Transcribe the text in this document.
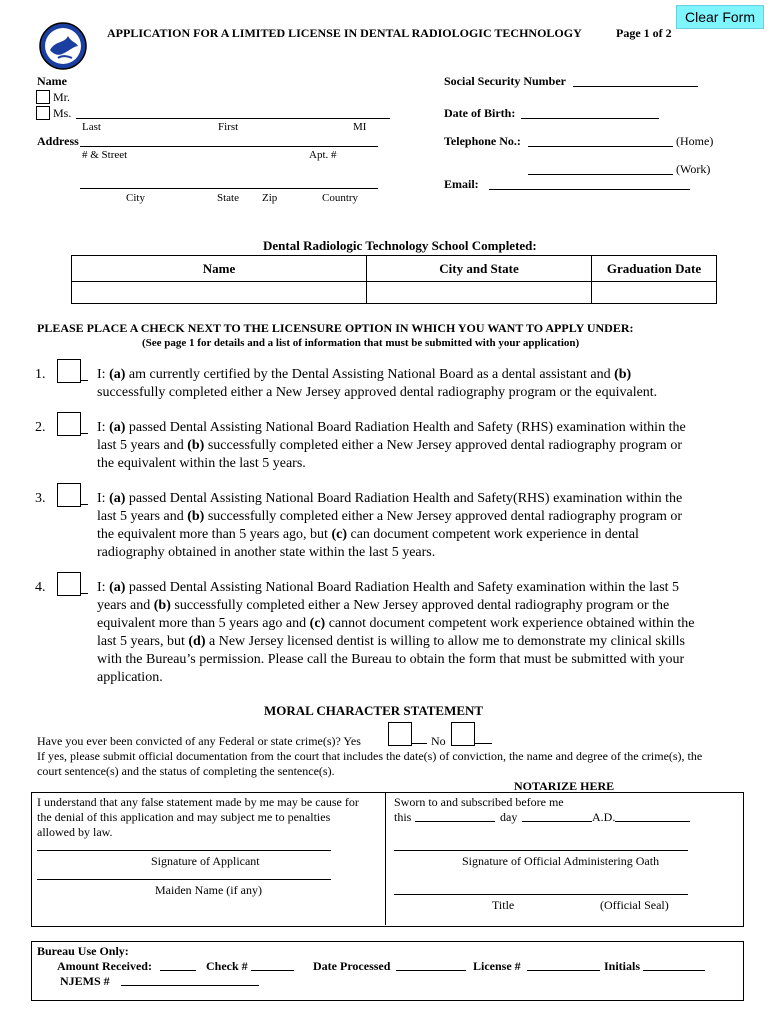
APPLICATION FOR A LIMITED LICENSE IN DENTAL RADIOLOGIC TECHNOLOGY	Page 1 of 2
Clear Form
Name
Mr.
Ms.
Last	First	MI
Address
# & Street	Apt. #
City	State Zip	Country
Social Security Number
Date of Birth:
Telephone No.:	(Home)
(Work)
Email:
Dental Radiologic Technology School Completed:
Name	City and State	Graduation Date

PLEASE PLACE A CHECK NEXT TO THE LICENSURE OPTION IN WHICH YOU WANT TO APPLY UNDER:
(See page 1 for details and a list of information that must be submitted with your application)
1.	I: (a) am currently certified by the Dental Assisting National Board as a dental assistant and (b)
successfully completed either a New Jersey approved dental radiography program or the equivalent.
2.	I: (a) passed Dental Assisting National Board Radiation Health and Safety (RHS) examination within the
last 5 years and (b) successfully completed either a New Jersey approved dental radiography program or
the equivalent within the last 5 years.
3.	I: (a) passed Dental Assisting National Board Radiation Health and Safety(RHS) examination within the
last 5 years and (b) successfully completed either a New Jersey approved dental radiography program or
the equivalent more than 5 years ago, but (c) can document competent work experience in dental
radiography obtained in another state within the last 5 years.
4.	I: (a) passed Dental Assisting National Board Radiation Health and Safety examination within the last 5
years and (b) successfully completed either a New Jersey approved dental radiography program or the
equivalent more than 5 years ago and (c) cannot document competent work experience obtained within the
last 5 years, but (d) a New Jersey licensed dentist is willing to allow me to demonstrate my clinical skills
with the Bureau’s permission. Please call the Bureau to obtain the form that must be submitted with your
application.
MORAL CHARACTER STATEMENT
Have you ever been convicted of any Federal or state crime(s)? Yes	No
If yes, please submit official documentation from the court that includes the date(s) of conviction, the name and degree of the crime(s), the
court sentence(s) and the status of completing the sentence(s).
NOTARIZE HERE
I understand that any false statement made by me may be cause for
the denial of this application and may subject me to penalties
allowed by law.
Signature of Applicant
Maiden Name (if any)
Sworn to and subscribed before me
this	day	A.D.
Signature of Official Administering Oath
Title	(Official Seal)
Bureau Use Only:
Amount Received:	Check #	Date Processed	License #	Initials
NJEMS #
